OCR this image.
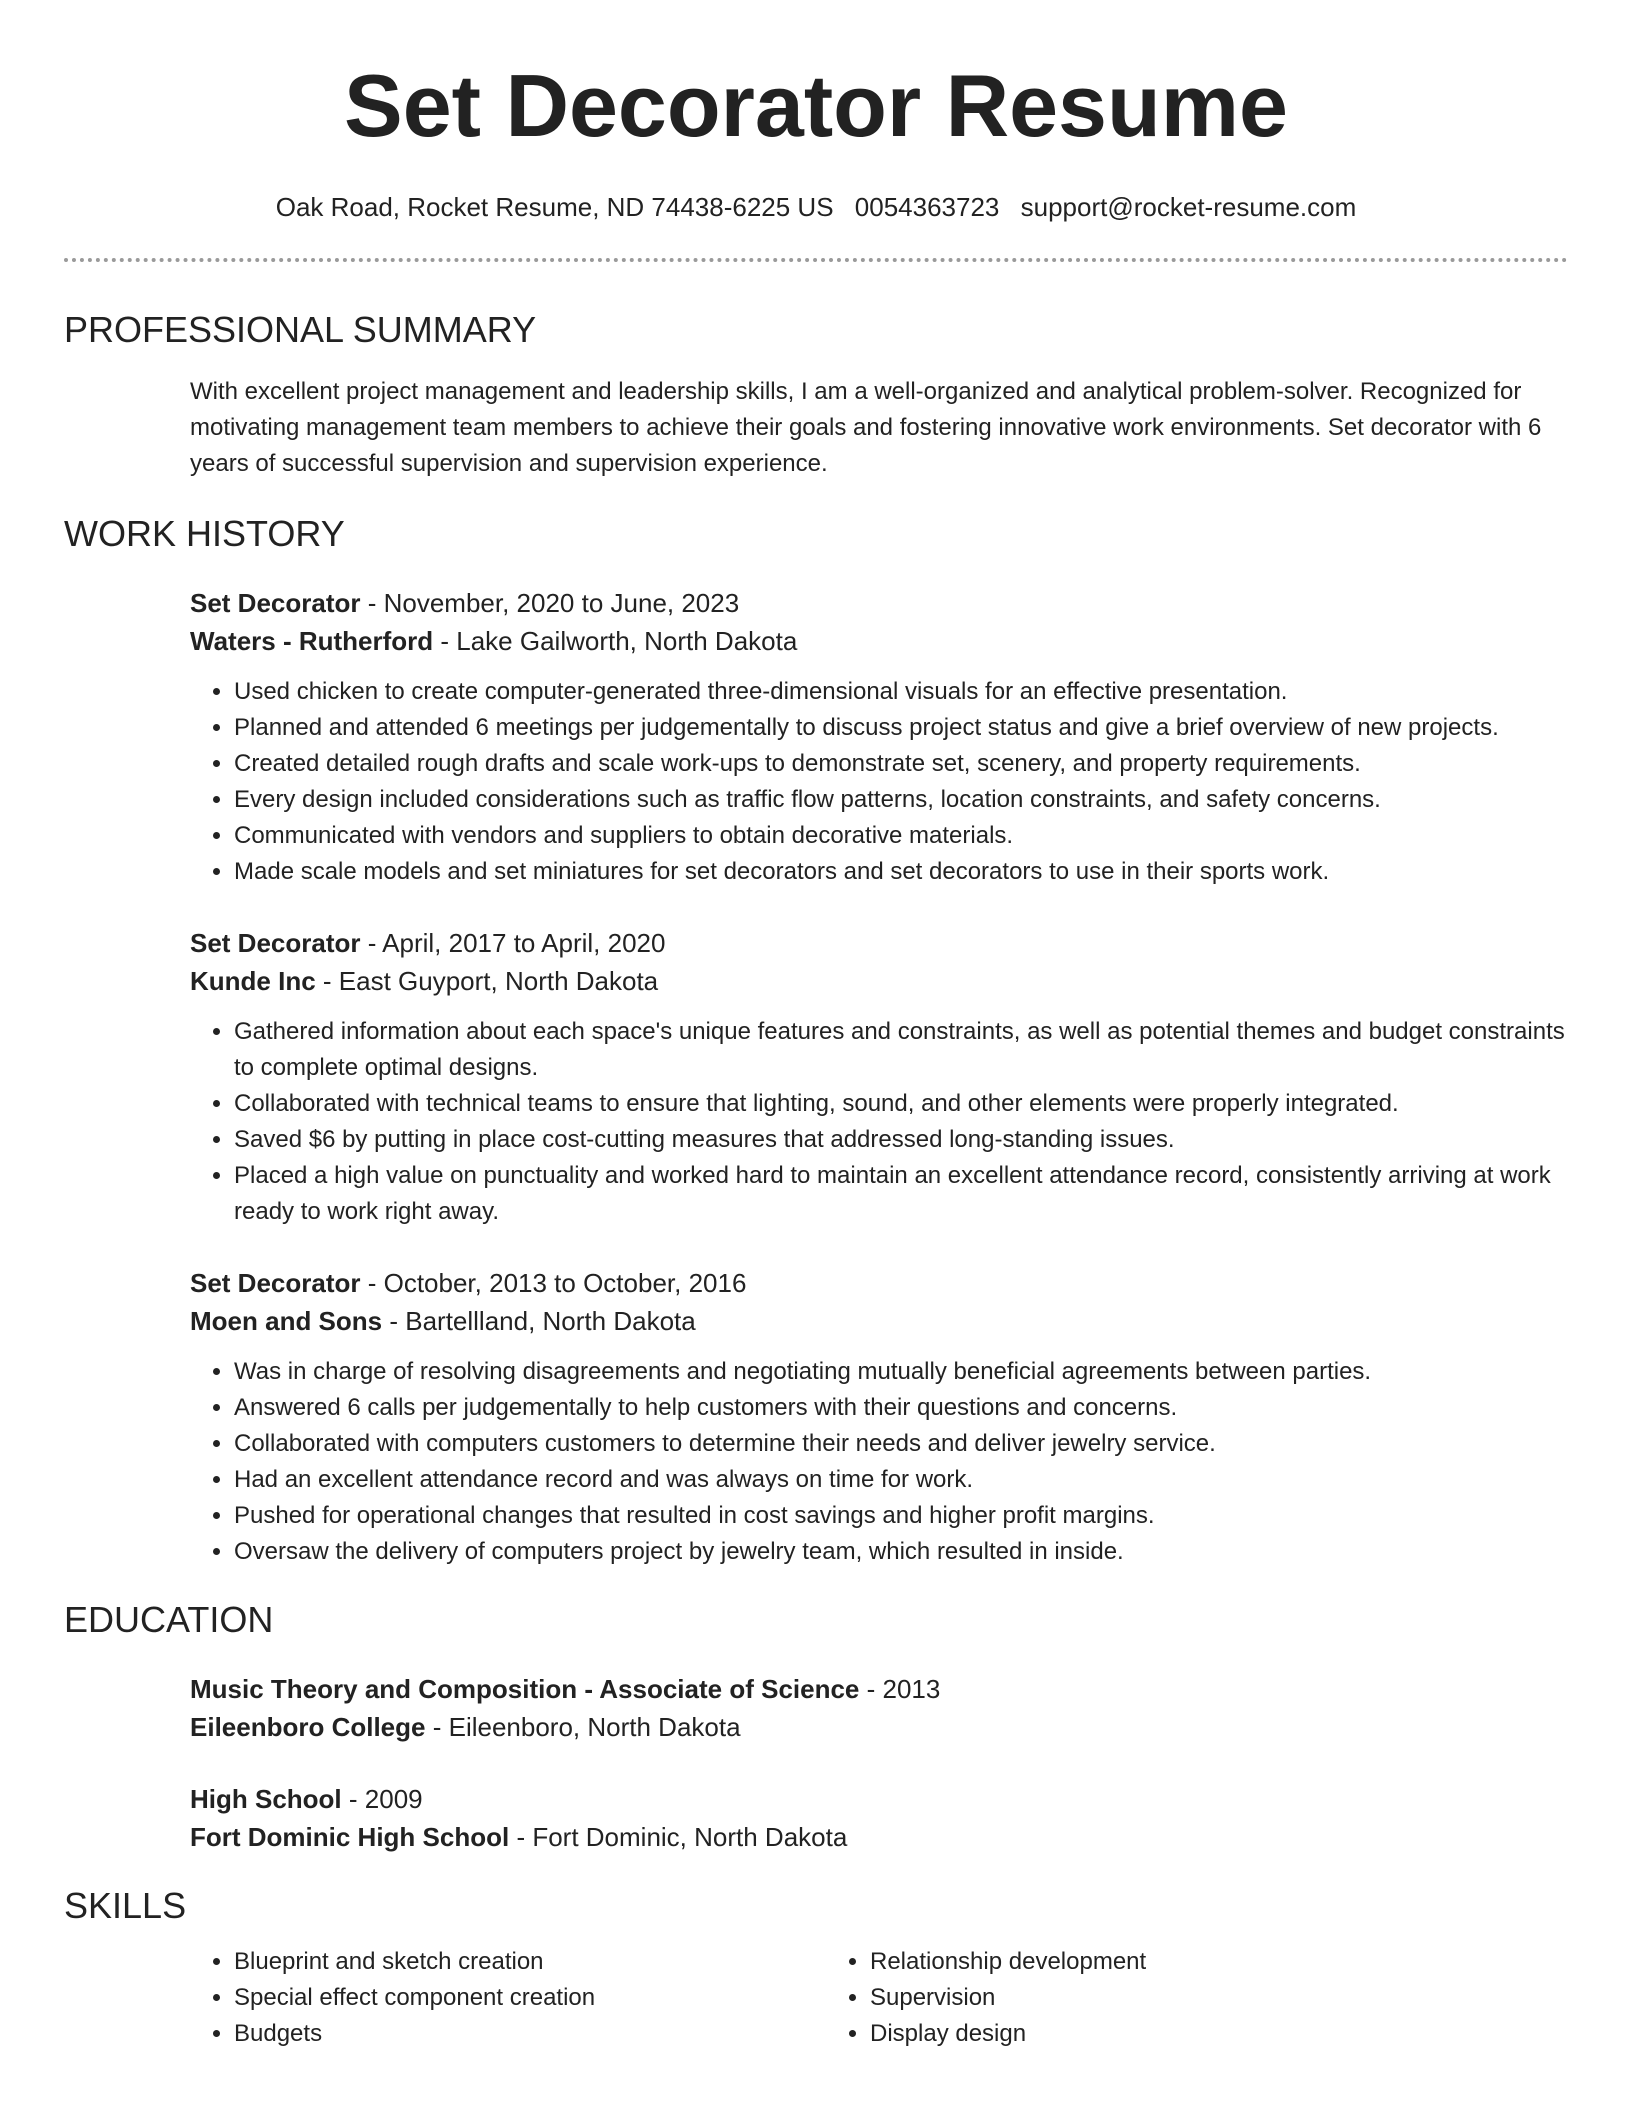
Set Decorator Resume
Oak Road, Rocket Resume, ND 74438-6225 US 0054363723 support@rocket-resume.com
PROFESSIONAL SUMMARY
With excellent project management and leadership skills, I am a well-organized and analytical problem-solver. Recognized for motivating management team members to achieve their goals and fostering innovative work environments. Set decorator with 6 years of successful supervision and supervision experience.
WORK HISTORY
Set Decorator - November, 2020 to June, 2023
Waters - Rutherford - Lake Gailworth, North Dakota
• Used chicken to create computer-generated three-dimensional visuals for an effective presentation.
• Planned and attended 6 meetings per judgementally to discuss project status and give a brief overview of new projects.
• Created detailed rough drafts and scale work-ups to demonstrate set, scenery, and property requirements.
• Every design included considerations such as traffic flow patterns, location constraints, and safety concerns.
• Communicated with vendors and suppliers to obtain decorative materials.
• Made scale models and set miniatures for set decorators and set decorators to use in their sports work.
Set Decorator - April, 2017 to April, 2020
Kunde Inc - East Guyport, North Dakota
• Gathered information about each space's unique features and constraints, as well as potential themes and budget constraints to complete optimal designs.
• Collaborated with technical teams to ensure that lighting, sound, and other elements were properly integrated.
• Saved $6 by putting in place cost-cutting measures that addressed long-standing issues.
• Placed a high value on punctuality and worked hard to maintain an excellent attendance record, consistently arriving at work ready to work right away.
Set Decorator - October, 2013 to October, 2016
Moen and Sons - Bartellland, North Dakota
• Was in charge of resolving disagreements and negotiating mutually beneficial agreements between parties.
• Answered 6 calls per judgementally to help customers with their questions and concerns.
• Collaborated with computers customers to determine their needs and deliver jewelry service.
• Had an excellent attendance record and was always on time for work.
• Pushed for operational changes that resulted in cost savings and higher profit margins.
• Oversaw the delivery of computers project by jewelry team, which resulted in inside.
EDUCATION
Music Theory and Composition - Associate of Science - 2013
Eileenboro College - Eileenboro, North Dakota
High School - 2009
Fort Dominic High School - Fort Dominic, North Dakota
SKILLS
• Blueprint and sketch creation
• Special effect component creation
• Budgets
• Relationship development
• Supervision
• Display design
